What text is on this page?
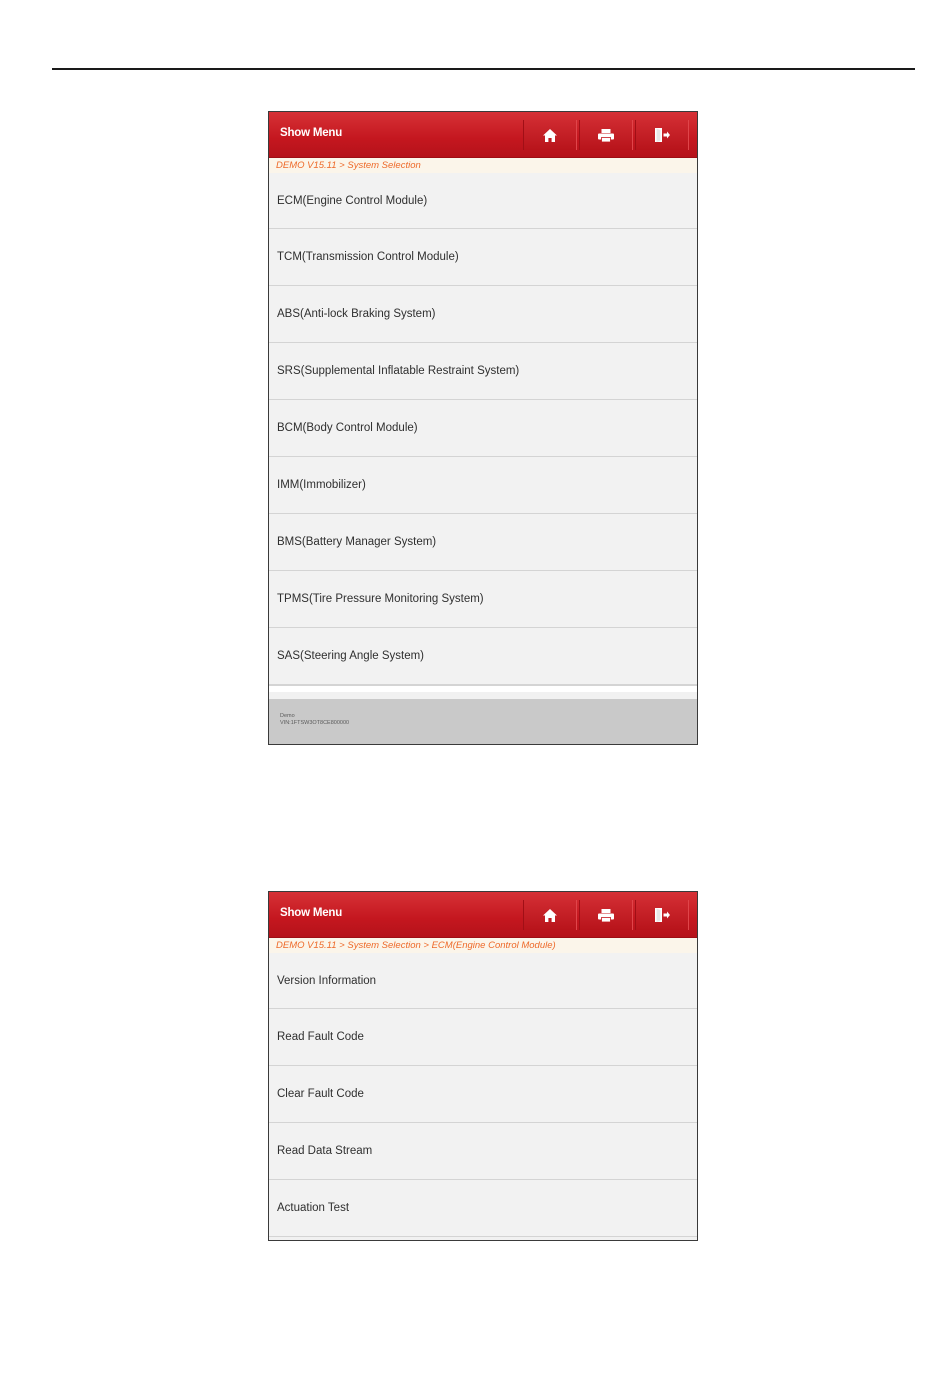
Show Menu
DEMO V15.11 > System Selection
ECM(Engine Control Module)
TCM(Transmission Control Module)
ABS(Anti-lock Braking System)
SRS(Supplemental Inflatable Restraint System)
BCM(Body Control Module)
IMM(Immobilizer)
BMS(Battery Manager System)
TPMS(Tire Pressure Monitoring System)
SAS(Steering Angle System)
Demo
VIN:1FTSW3OT8CE800000
Show Menu
DEMO V15.11 > System Selection > ECM(Engine Control Module)
Version Information
Read Fault Code
Clear Fault Code
Read Data Stream
Actuation Test
